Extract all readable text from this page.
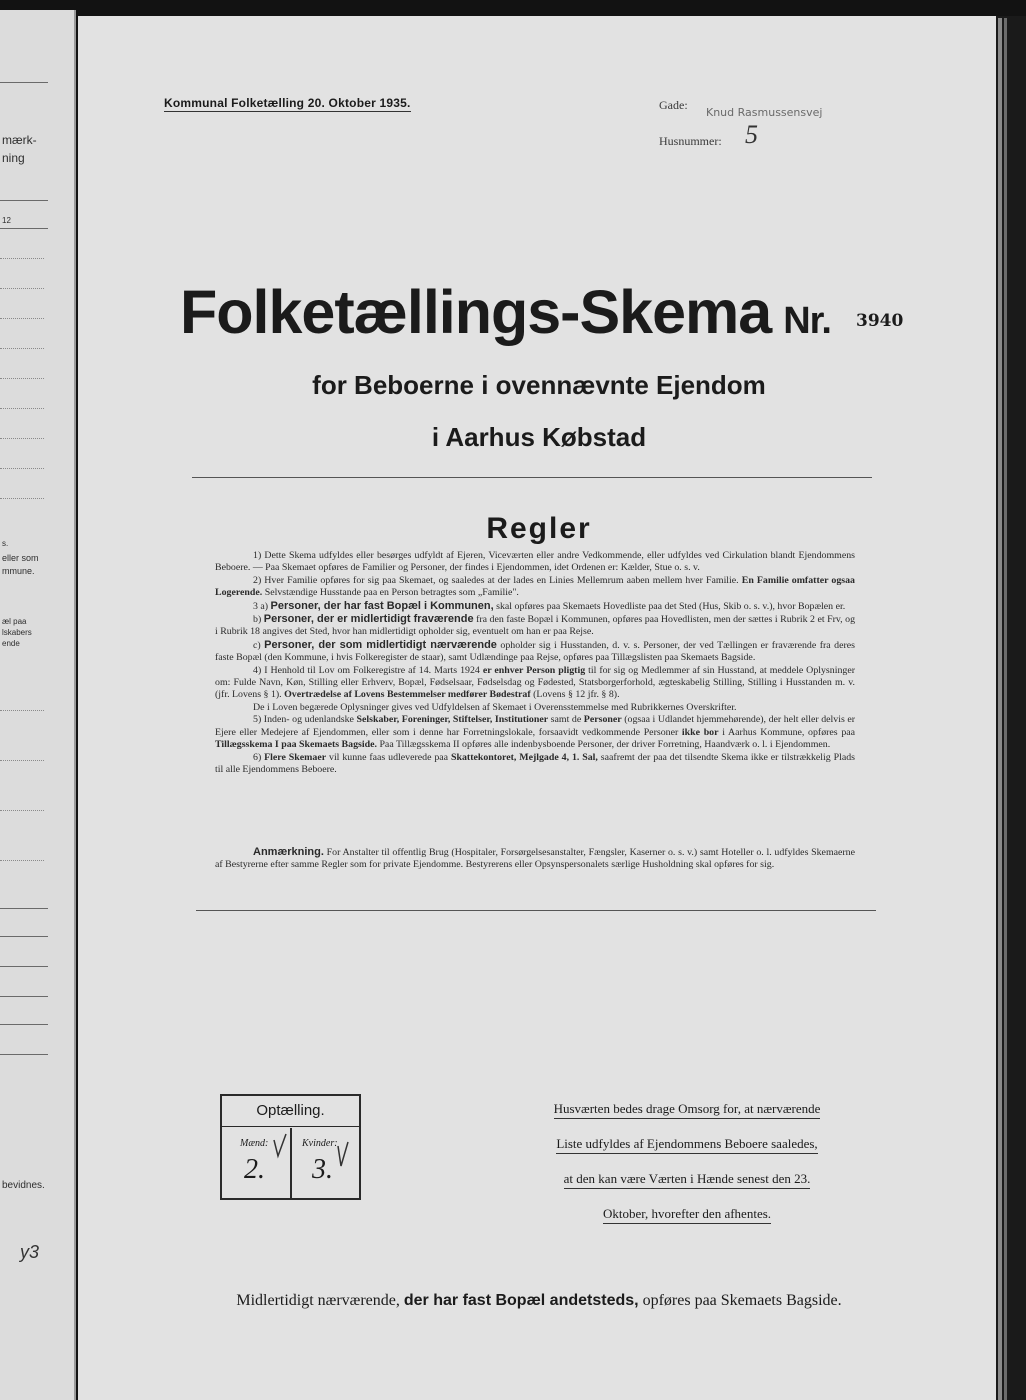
mærk-
ning
12
s.
eller som
mmune.
æl paa
lskabers
ende
bevidnes.
y3
Kommunal Folketælling 20. Oktober 1935.	Gade:
Knud Rasmussensvej
Husnummer: 5
Folketællings-Skema Nr.	3940
for Beboerne i ovennævnte Ejendom
i Aarhus Købstad
Regler

1) Dette Skema udfyldes eller besørges udfyldt af Ejeren, Viceværten eller andre Vedkommende, eller udfyldes ved Cirkulation blandt Ejendommens Beboere. — Paa Skemaet opføres de Familier og Personer, der findes i Ejendommen, idet Ordenen er: Kælder, Stue o. s. v.

2) Hver Familie opføres for sig paa Skemaet, og saaledes at der lades en Linies Mellemrum aaben mellem hver Familie. En Familie omfatter ogsaa Logerende. Selvstændige Husstande paa en Person betragtes som „Familie".

3 a) Personer, der har fast Bopæl i Kommunen, skal opføres paa Skemaets Hovedliste paa det Sted (Hus, Skib o. s. v.), hvor Bopælen er.

b) Personer, der er midlertidigt fraværende fra den faste Bopæl i Kommunen, opføres paa Hovedlisten, men der sættes i Rubrik 2 et Frv, og i Rubrik 18 angives det Sted, hvor han midlertidigt opholder sig, eventuelt om han er paa Rejse.

c) Personer, der som midlertidigt nærværende opholder sig i Husstanden, d. v. s. Personer, der ved Tællingen er fraværende fra deres faste Bopæl (den Kommune, i hvis Folkeregister de staar), samt Udlændinge paa Rejse, opføres paa Tillægslisten paa Skemaets Bagside.

4) I Henhold til Lov om Folkeregistre af 14. Marts 1924 er enhver Person pligtig til for sig og Medlemmer af sin Husstand, at meddele Oplysninger om: Fulde Navn, Køn, Stilling eller Erhverv, Bopæl, Fødselsaar, Fødselsdag og Fødested, Statsborgerforhold, ægteskabelig Stilling, Stilling i Husstanden m. v. (jfr. Lovens § 1). Overtrædelse af Lovens Bestemmelser medfører Bødestraf (Lovens § 12 jfr. § 8).

De i Loven begærede Oplysninger gives ved Udfyldelsen af Skemaet i Overensstemmelse med Rubrikkernes Overskrifter.

5) Inden- og udenlandske Selskaber, Foreninger, Stiftelser, Institutioner samt de Personer (ogsaa i Udlandet hjemmehørende), der helt eller delvis er Ejere eller Medejere af Ejendommen, eller som i denne har Forretningslokale, forsaavidt vedkommende Personer ikke bor i Aarhus Kommune, opføres paa Tillægsskema I paa Skemaets Bagside. Paa Tillægsskema II opføres alle indenbysboende Personer, der driver Forretning, Haandværk o. l. i Ejendommen.

6) Flere Skemaer vil kunne faas udleverede paa Skattekontoret, Mejlgade 4, 1. Sal, saafremt der paa det tilsendte Skema ikke er tilstrækkelig Plads til alle Ejendommens Beboere.

Anmærkning. For Anstalter til offentlig Brug (Hospitaler, Forsørgelsesanstalter, Fængsler, Kaserner o. s. v.) samt Hoteller o. l. udfyldes Skemaerne af Bestyrerne efter samme Regler som for private Ejendomme. Bestyrerens eller Opsynspersonalets særlige Husholdning skal opføres for sig.
Optælling.
Mænd:
2.
Kvinder:
3.
Husværten bedes drage Omsorg for, at nærværende
Liste udfyldes af Ejendommens Beboere saaledes,
at den kan være Værten i Hænde senest den 23.
Oktober, hvorefter den afhentes.
Midlertidigt nærværende, der har fast Bopæl andetsteds, opføres paa Skemaets Bagside.
